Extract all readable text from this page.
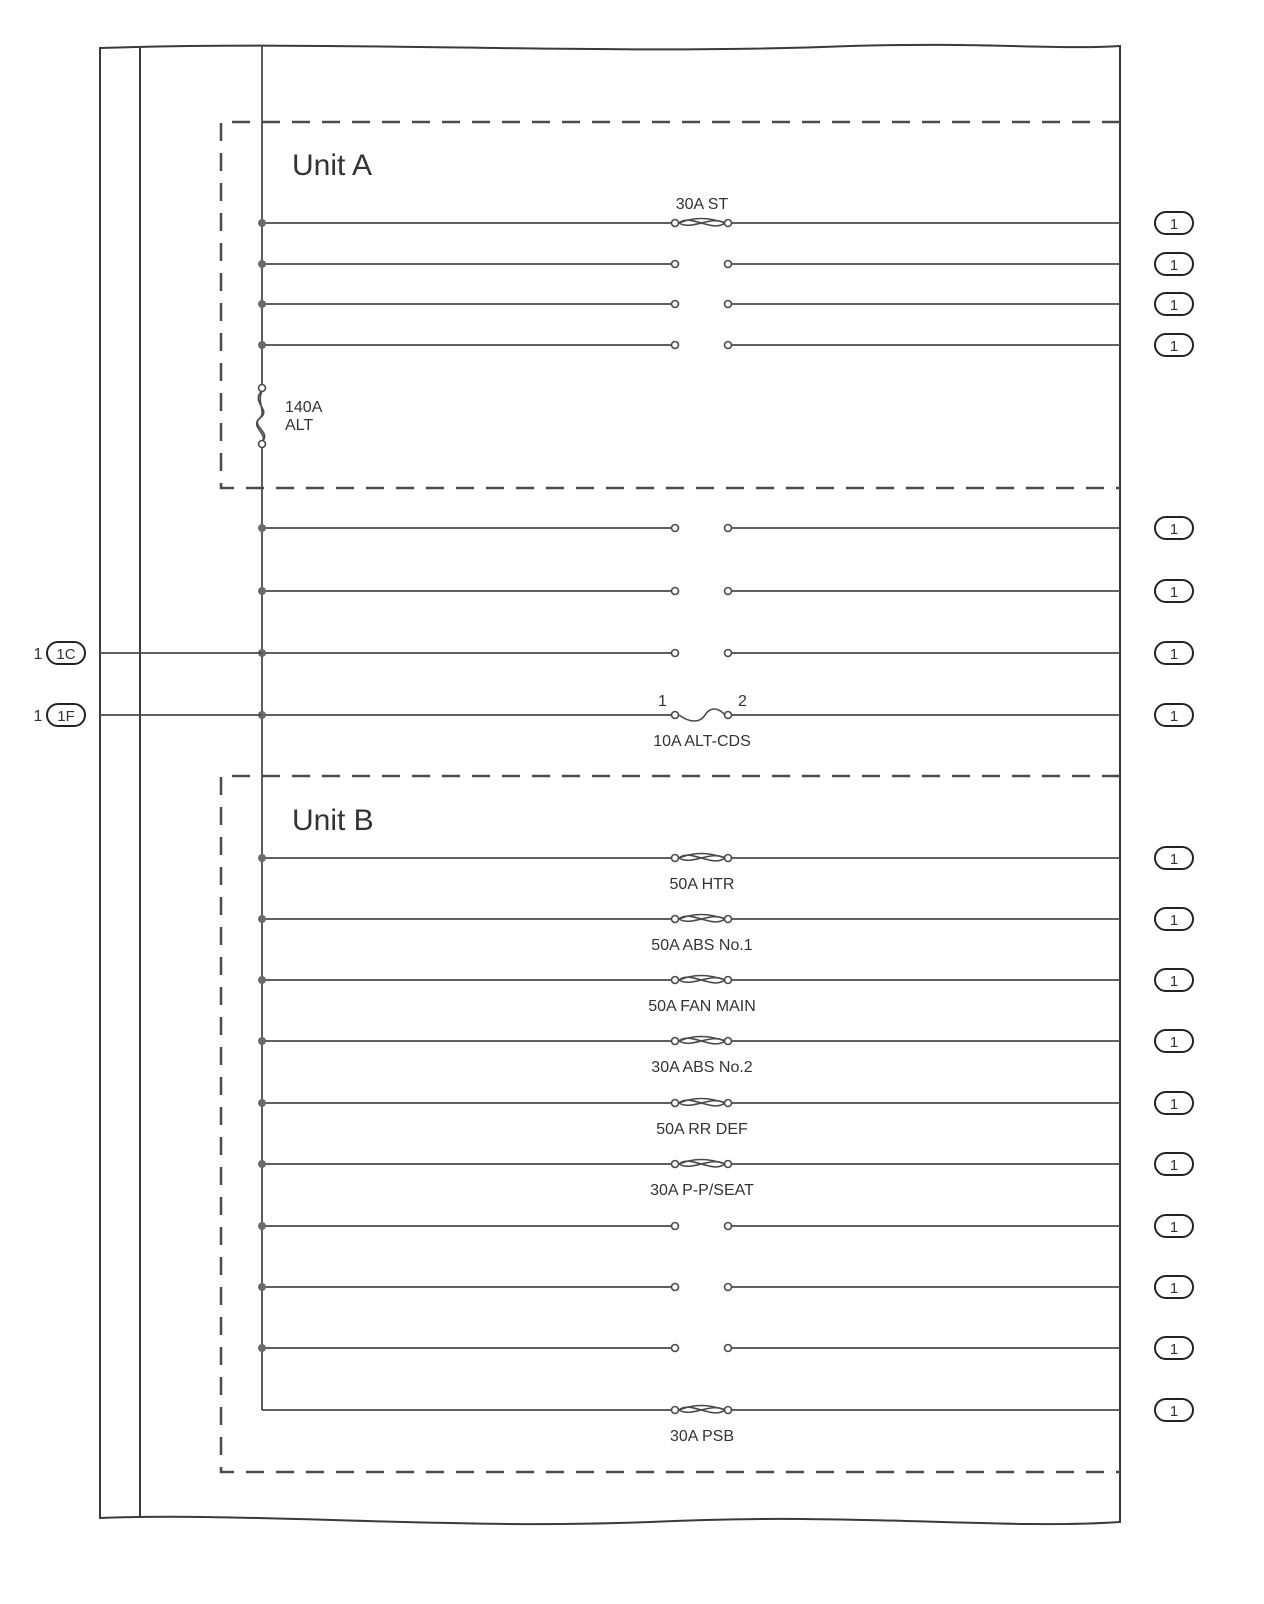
Unit A
Unit B
140A
ALT
30A ST
1
1
1
1
1
1
1
1 1C
10A ALT-CDS
1	2
1
1 1F
50A HTR
1
50A ABS No.1
1
50A FAN MAIN
1
30A ABS No.2
1
50A RR DEF
1
30A P-P/SEAT
1
1
1
1
30A PSB
1
